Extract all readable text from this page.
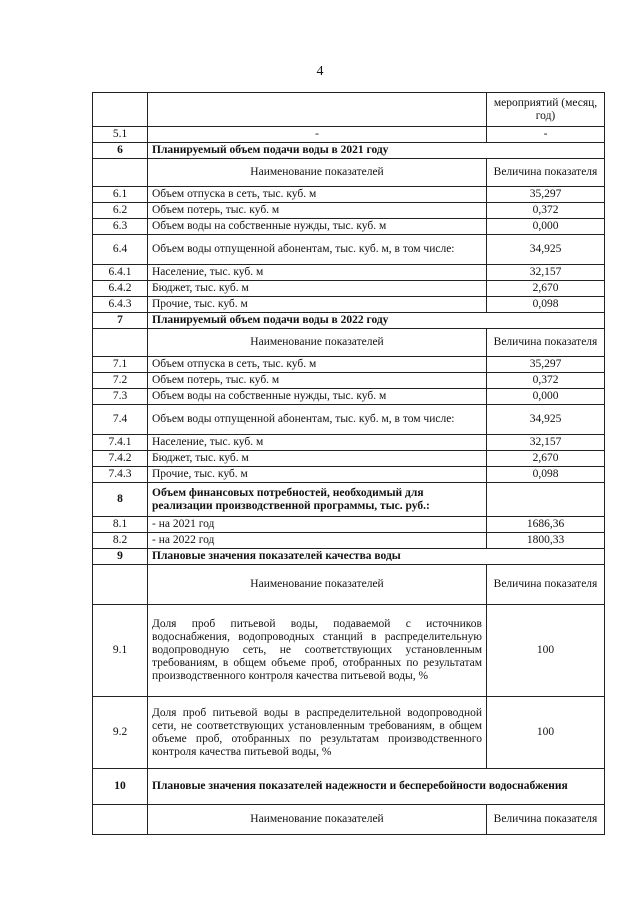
4
		мероприятий (месяц, год)
5.1	-	-
6	Планируемый объем подачи воды в 2021 году	
	Наименование показателей	Величина показателя
6.1	Объем отпуска в сеть, тыс. куб. м	35,297
6.2	Объем потерь, тыс. куб. м	0,372
6.3	Объем воды на собственные нужды, тыс. куб. м	0,000
6.4	Объем воды отпущенной абонентам, тыс. куб. м, в том числе:	34,925
6.4.1	Население, тыс. куб. м	32,157
6.4.2	Бюджет, тыс. куб. м	2,670
6.4.3	Прочие, тыс. куб. м	0,098
7	Планируемый объем подачи воды в 2022 году	
	Наименование показателей	Величина показателя
7.1	Объем отпуска в сеть, тыс. куб. м	35,297
7.2	Объем потерь, тыс. куб. м	0,372
7.3	Объем воды на собственные нужды, тыс. куб. м	0,000
7.4	Объем воды отпущенной абонентам, тыс. куб. м, в том числе:	34,925
7.4.1	Население, тыс. куб. м	32,157
7.4.2	Бюджет, тыс. куб. м	2,670
7.4.3	Прочие, тыс. куб. м	0,098
8	Объем финансовых потребностей, необходимый для реализации производственной программы, тыс. руб.:	
8.1	- на 2021 год	1686,36
8.2	- на 2022 год	1800,33
9	Плановые значения показателей качества воды	
	Наименование показателей	Величина показателя
9.1	Доля проб питьевой воды, подаваемой с источников водоснабжения, водопроводных станций в распределительную водопроводную сеть, не соответствующих установленным требованиям, в общем объеме проб, отобранных по результатам производственного контроля качества питьевой воды, %	100
9.2	Доля проб питьевой воды в распределительной водопроводной сети, не соответствующих установленным требованиям, в общем объеме проб, отобранных по результатам производственного контроля качества питьевой воды, %	100
10	Плановые значения показателей надежности и бесперебойности водоснабжения	
	Наименование показателей	Величина показателя
